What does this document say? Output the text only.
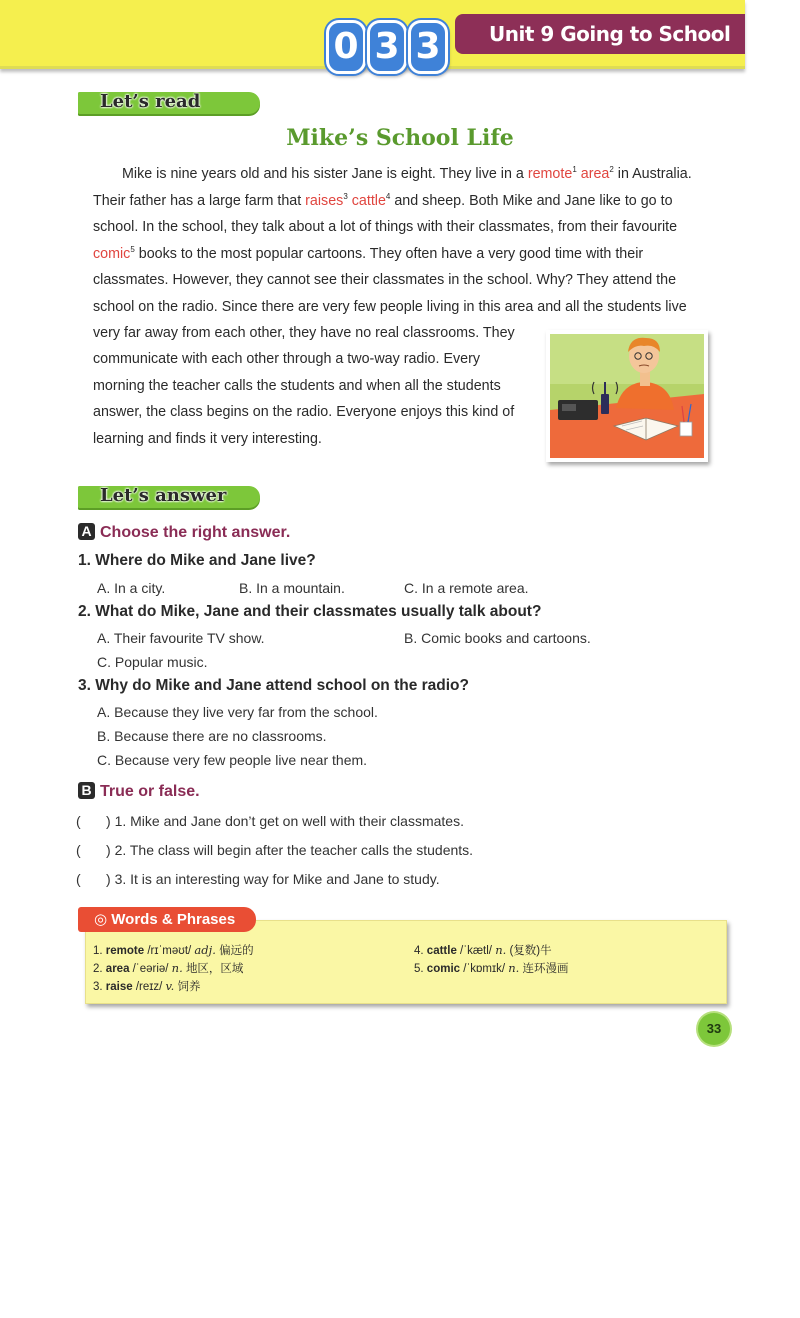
0 3 3	Unit 9 Going to School
Let’s read
Mike’s School Life
Mike is nine years old and his sister Jane is eight. They live in a remote$^1$ area$^2$ in Australia.
Their father has a large farm that raises$^3$ cattle$^4$ and sheep. Both Mike and Jane like to go to
school. In the school, they talk about a lot of things with their classmates, from their favourite
comic$^5$ books to the most popular cartoons. They often have a very good time with their
classmates. However, they cannot see their classmates in the school. Why? They attend the
school on the radio. Since there are very few people living in this area and all the students live
very far away from each other, they have no real classrooms. They
communicate with each other through a two-way radio. Every
morning the teacher calls the students and when all the students
answer, the class begins on the radio. Everyone enjoys this kind of
learning and finds it very interesting.
Let’s answer
A Choose the right answer.
1. Where do Mike and Jane live?
A. In a city.	B. In a mountain.	C. In a remote area.
2. What do Mike, Jane and their classmates usually talk about?
A. Their favourite TV show.	B. Comic books and cartoons.
C. Popular music.
3. Why do Mike and Jane attend school on the radio?
A. Because they live very far from the school.
B. Because there are no classrooms.
C. Because very few people live near them.
B True or false.
( ) 1. Mike and Jane don’t get on well with their classmates.
( ) 2. The class will begin after the teacher calls the students.
( ) 3. It is an interesting way for Mike and Jane to study.
◎ Words & Phrases
1. remote /rɪˈməʊt/ adj. 偏远的
2. area /ˈeəriə/ n. 地区，区域
3. raise /reɪz/ v. 饲养
4. cattle /ˈkætl/ n. (复数)牛
5. comic /ˈkɒmɪk/ n. 连环漫画
33
